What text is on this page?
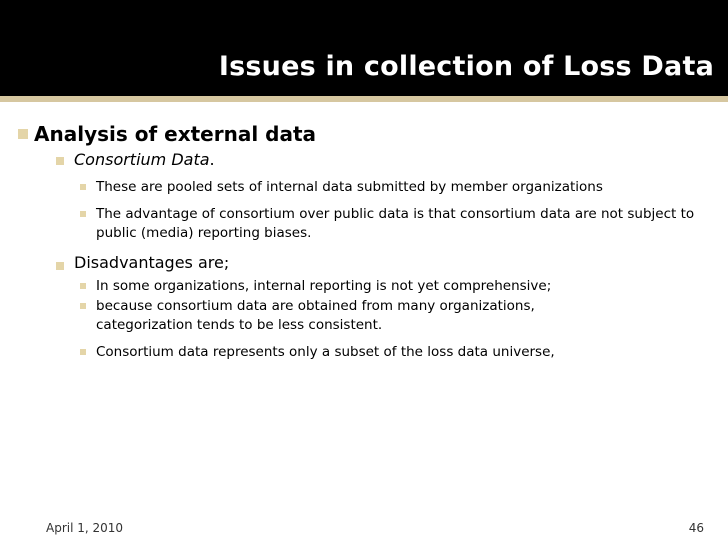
Issues in collection of Loss Data
Analysis of external data
Consortium Data.
These are pooled sets of internal data submitted by member organizations
The advantage of consortium over public data is that consortium data are not subject to public (media) reporting biases.
Disadvantages are;
In some organizations, internal reporting is not yet comprehensive;
because consortium data are obtained from many organizations, categorization tends to be less consistent.
Consortium data represents only a subset of the loss data universe,
April 1, 2010	46
